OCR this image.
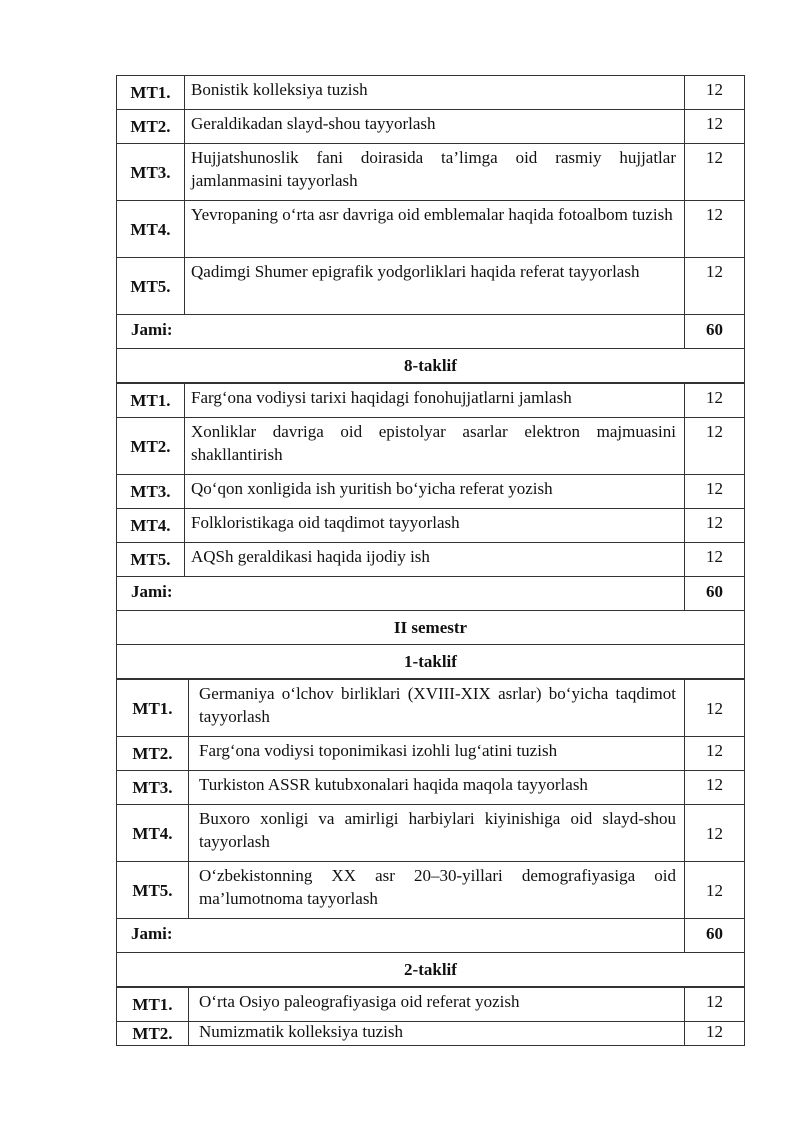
MT1.	Bonistik kolleksiya tuzish	12
MT2.	Geraldikadan slayd-shou tayyorlash	12
MT3.	Hujjatshunoslik fani doirasida ta’limga oid rasmiy hujjatlar jamlanmasini tayyorlash	12
MT4.	Yevropaning o‘rta asr davriga oid emblemalar haqida fotoalbom tuzish	12
MT5.	Qadimgi Shumer epigrafik yodgorliklari haqida referat tayyorlash	12
Jami:		60
8-taklif		
MT1.	Farg‘ona vodiysi tarixi haqidagi fonohujjatlarni jamlash	12
MT2.	Xonliklar davriga oid epistolyar asarlar elektron majmuasini shakllantirish	12
MT3.	Qo‘qon xonligida ish yuritish bo‘yicha referat yozish	12
MT4.	Folkloristikaga oid taqdimot tayyorlash	12
MT5.	AQSh geraldikasi haqida ijodiy ish	12
Jami:		60
II semestr		
1-taklif		
MT1.	Germaniya o‘lchov birliklari (XVIII-XIX asrlar) bo‘yicha taqdimot tayyorlash	12
MT2.	Farg‘ona vodiysi toponimikasi izohli lug‘atini tuzish	12
MT3.	Turkiston ASSR kutubxonalari haqida maqola tayyorlash	12
MT4.	Buxoro xonligi va amirligi harbiylari kiyinishiga oid slayd-shou tayyorlash	12
MT5.	O‘zbekistonning XX asr 20–30-yillari demografiyasiga oid ma’lumotnoma tayyorlash	12
Jami:		60
2-taklif		
MT1.	O‘rta Osiyo paleografiyasiga oid referat yozish	12
MT2.	Numizmatik kolleksiya tuzish	12
